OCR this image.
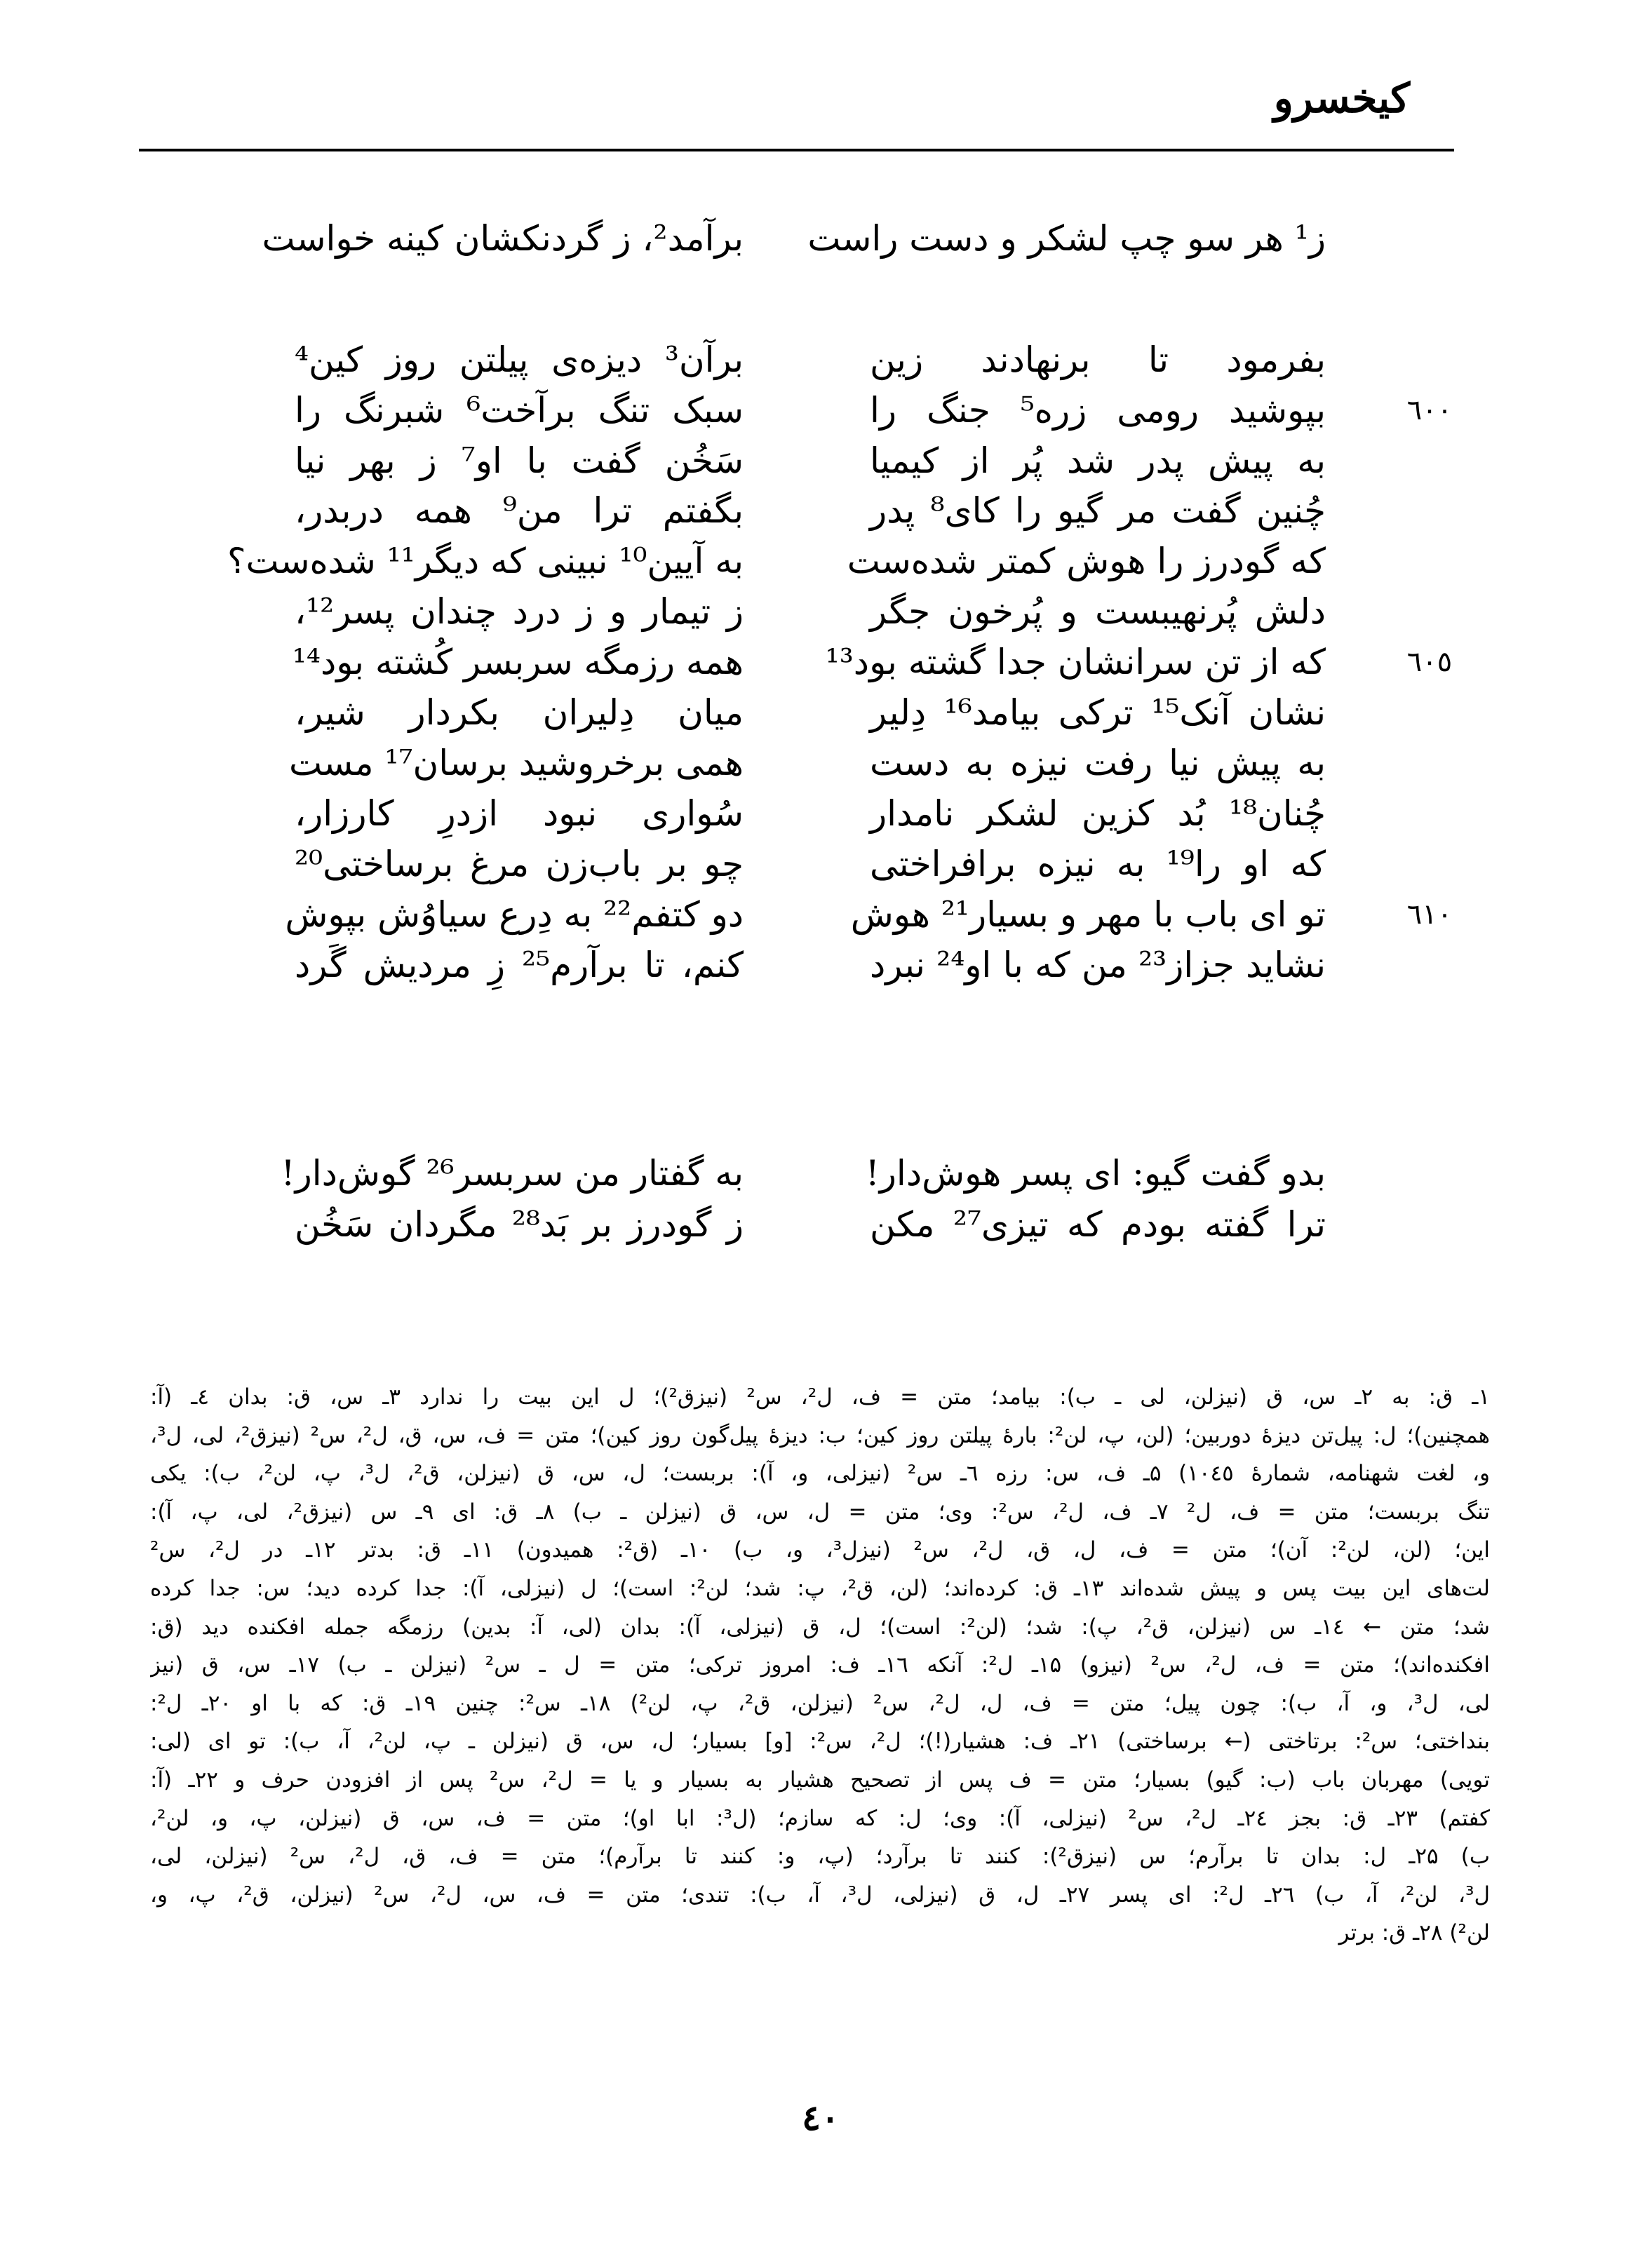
کیخسرو
ز¹ هر سو چپ لشکر و دست راست
برآمد²، ز گردنکشان کینه خواست
بفرمود تا برنهادند زین
برآن³ دیزه‌ی پیلتن روز کین⁴
بپوشید رومی زره⁵ جنگ را
سبک تنگ برآخت⁶ شبرنگ را	٦٠٠
به پیش پدر شد پُر از کیمیا
سَخُن گفت با او⁷ ز بهر نیا
چُنین گفت مر گیو را کای⁸ پدر
بگفتم ترا من⁹ همه دربدر،
که گودرز را هوش کمتر شده‌ست
به آیین¹⁰ نبینی که دیگر¹¹ شده‌ست؟
دلش پُرنهیبست و پُرخون جگر
ز تیمار و ز درد چندان پسر¹²،
که از تن سرانشان جدا گشته بود¹³
همه رزمگه سربسر کُشته بود¹⁴	٦٠٥
نشان آنک¹⁵ ترکی بیامد¹⁶ دِلیر
میان دِلیران بکردار شیر،
به پیش نیا رفت نیزه به دست
همی برخروشید برسان¹⁷ مست
چُنان¹⁸ بُد کزین لشکر نامدار
سُواری نبود ازدرِ کارزار،
که او را¹⁹ به نیزه برافراختی
چو بر باب‌زن مرغ برساختی²⁰
تو ای باب با مهر و بسیار²¹ هوش
دو کتفم²² به دِرع سیاوُش بپوش	٦١٠
نشاید جزاز²³ من که با او²⁴ نبرد
کنم، تا برآرم²⁵ زِ مردیش گَرد
بدو گفت گیو: ای پسر هوش‌دار!
به گفتار من سربسر²⁶ گوش‌دار!
ترا گفته بودم که تیزی²⁷ مکن
ز گودرز بر بَد²⁸ مگردان سَخُن
۱ـ ق: به ۲ـ س، ق (نیزلن، لی ـ ب): بیامد؛ متن = ف، ل²، س² (نیزق²)؛ ل این بیت را ندارد ۳ـ س، ق: بدان ٤ـ (آ:
همچنین)؛ ل: پیل‌تن دیزهٔ دوربین؛ (لن، پ، لن²: بارهٔ پیلتن روز کین؛ ب: دیزهٔ پیل‌گون روز کین)؛ متن = ف، س، ق، ل²، س² (نیزق²، لی، ل³،
و، لغت شهنامه، شمارهٔ ١٠٤٥) ۵ـ ف، س: رزه ٦ـ س² (نیزلی، و، آ): بربست؛ ل، س، ق (نیزلن، ق²، ل³، پ، لن²، ب): یکی
تنگ بربست؛ متن = ف، ل² ۷ـ ف، ل²، س²: وی؛ متن = ل، س، ق (نیزلن ـ ب) ۸ـ ق: ای ۹ـ س (نیزق²، لی، پ، آ):
این؛ (لن، لن²: آن)؛ متن = ف، ل، ق، ل²، س² (نیزل³، و، ب) ۱۰ـ (ق²: همیدون) ۱۱ـ ق: بدتر ۱۲ـ در ل²، س²
لت‌های این بیت پس و پیش شده‌اند ۱۳ـ ق: کرده‌اند؛ (لن، ق²، پ: شد؛ لن²: است)؛ ل (نیزلی، آ): جدا کرده دید؛ س: جدا کرده
شد؛ متن ← ١٤ـ س (نیزلن، ق²، پ): شد؛ (لن²: است)؛ ل، ق (نیزلی، آ): بدان (لی، آ: بدین) رزمگه جمله افکنده دید (ق:
افکنده‌اند)؛ متن = ف، ل²، س² (نیزو) ۱۵ـ ل²: آنکه ١٦ـ ف: امروز ترکی؛ متن = ل ـ س² (نیزلن ـ ب) ۱۷ـ س، ق (نیز
لی، ل³، و، آ، ب): چون پیل؛ متن = ف، ل، ل²، س² (نیزلن، ق²، پ، لن²) ۱۸ـ س²: چنین ۱۹ـ ق: که با او ۲۰ـ ل²:
بنداختی؛ س²: برتاختی (← برساختی) ۲۱ـ ف: هشیار(!)؛ ل²، س²: [و] بسیار؛ ل، س، ق (نیزلن ـ پ، لن²، آ، ب): تو ای (لی:
تویی) مهربان باب (ب: گیو) بسیار؛ متن = ف پس از تصحیح هشیار به بسیار و یا = ل²، س² پس از افزودن حرف و ۲۲ـ (آ:
کفتم) ۲۳ـ ق: بجز ٢٤ـ ل²، س² (نیزلی، آ): وی؛ ل: که سازم؛ (ل³: ابا او)؛ متن = ف، س، ق (نیزلن، پ، و، لن²،
ب) ۲۵ـ ل: بدان تا برآرم؛ س (نیزق²): کنند تا برآرد؛ (پ، و: کنند تا برآرم)؛ متن = ف، ق، ل²، س² (نیزلن، لی،
ل³، لن²، آ، ب) ۲٦ـ ل²: ای پسر ۲۷ـ ل، ق (نیزلی، ل³، آ، ب): تندی؛ متن = ف، س، ل²، س² (نیزلن، ق²، پ، و،
لن²) ۲۸ـ ق: برتر
٤٠
